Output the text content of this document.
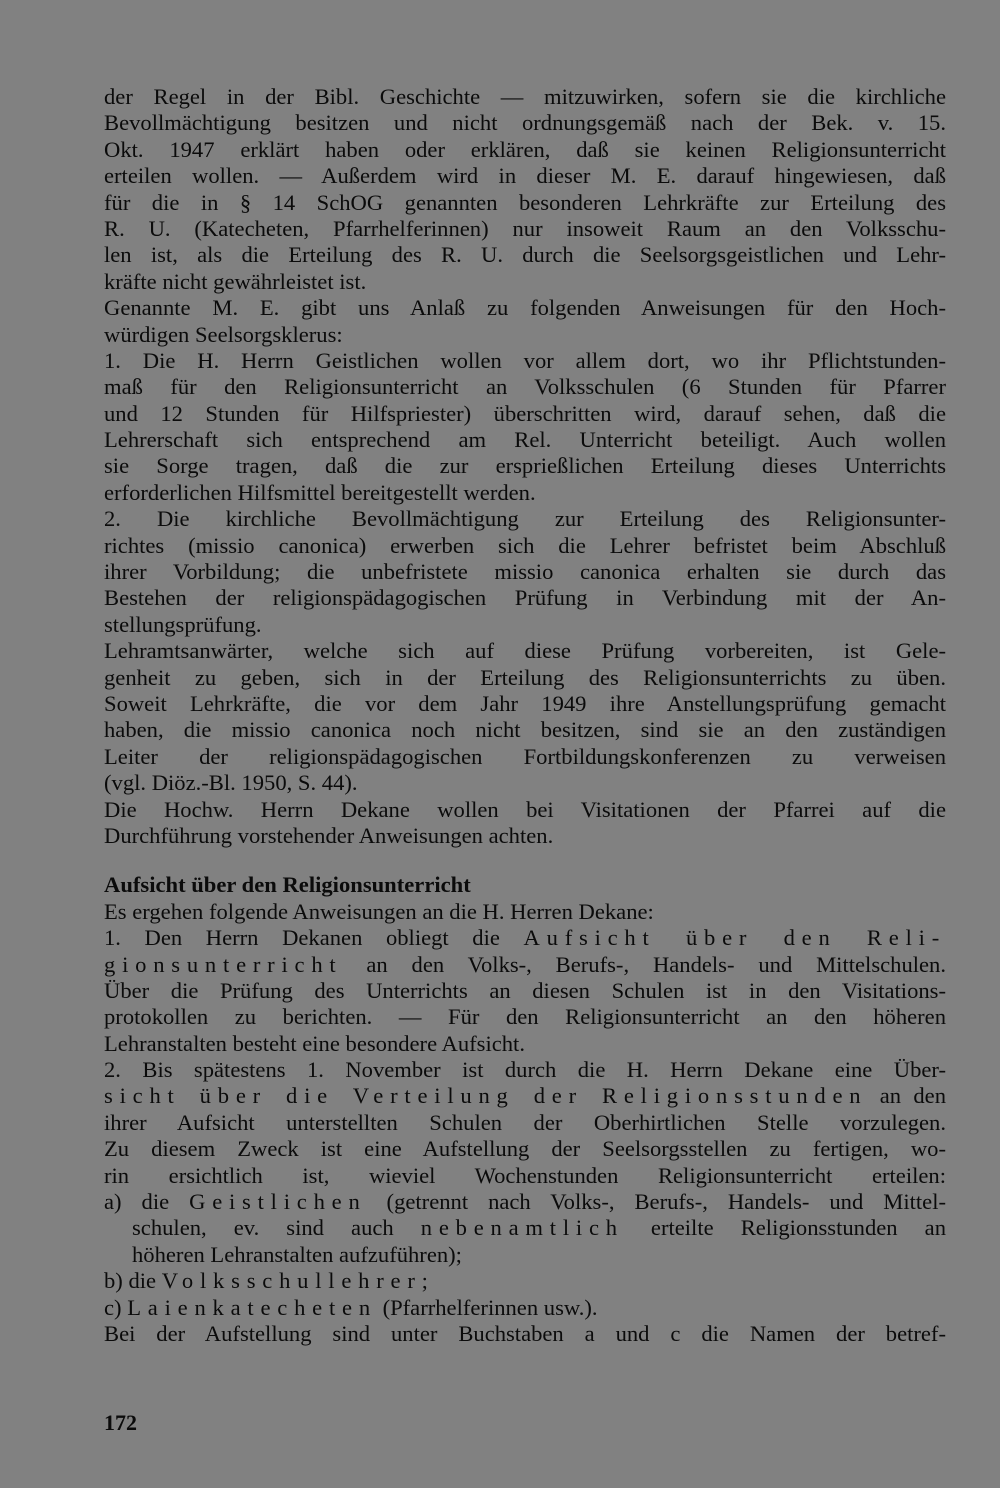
der Regel in der Bibl. Geschichte — mitzuwirken, sofern sie die kirchliche
Bevollmächtigung besitzen und nicht ordnungsgemäß nach der Bek. v. 15.
Okt. 1947 erklärt haben oder erklären, daß sie keinen Religionsunterricht
erteilen wollen. — Außerdem wird in dieser M. E. darauf hingewiesen, daß
für die in § 14 SchOG genannten besonderen Lehrkräfte zur Erteilung des
R. U. (Katecheten, Pfarrhelferinnen) nur insoweit Raum an den Volksschu-
len ist, als die Erteilung des R. U. durch die Seelsorgsgeistlichen und Lehr-
kräfte nicht gewährleistet ist.
Genannte M. E. gibt uns Anlaß zu folgenden Anweisungen für den Hoch-
würdigen Seelsorgsklerus:
1. Die H. Herrn Geistlichen wollen vor allem dort, wo ihr Pflichtstunden-
maß für den Religionsunterricht an Volksschulen (6 Stunden für Pfarrer
und 12 Stunden für Hilfspriester) überschritten wird, darauf sehen, daß die
Lehrerschaft sich entsprechend am Rel. Unterricht beteiligt. Auch wollen
sie Sorge tragen, daß die zur ersprießlichen Erteilung dieses Unterrichts
erforderlichen Hilfsmittel bereitgestellt werden.
2. Die kirchliche Bevollmächtigung zur Erteilung des Religionsunter-
richtes (missio canonica) erwerben sich die Lehrer befristet beim Abschluß
ihrer Vorbildung; die unbefristete missio canonica erhalten sie durch das
Bestehen der religionspädagogischen Prüfung in Verbindung mit der An-
stellungsprüfung.
Lehramtsanwärter, welche sich auf diese Prüfung vorbereiten, ist Gele-
genheit zu geben, sich in der Erteilung des Religionsunterrichts zu üben.
Soweit Lehrkräfte, die vor dem Jahr 1949 ihre Anstellungsprüfung gemacht
haben, die missio canonica noch nicht besitzen, sind sie an den zuständigen
Leiter der religionspädagogischen Fortbildungskonferenzen zu verweisen
(vgl. Diöz.-Bl. 1950, S. 44).
Die Hochw. Herrn Dekane wollen bei Visitationen der Pfarrei auf die
Durchführung vorstehender Anweisungen achten.
Aufsicht über den Religionsunterricht
Es ergehen folgende Anweisungen an die H. Herren Dekane:
1. Den Herrn Dekanen obliegt die Aufsicht über den Reli-
gionsunterricht an den Volks-, Berufs-, Handels- und Mittelschulen.
Über die Prüfung des Unterrichts an diesen Schulen ist in den Visitations-
protokollen zu berichten. — Für den Religionsunterricht an den höheren
Lehranstalten besteht eine besondere Aufsicht.
2. Bis spätestens 1. November ist durch die H. Herrn Dekane eine Über-
sicht über die Verteilung der Religionsstunden an den
ihrer Aufsicht unterstellten Schulen der Oberhirtlichen Stelle vorzulegen.
Zu diesem Zweck ist eine Aufstellung der Seelsorgsstellen zu fertigen, wo-
rin ersichtlich ist, wieviel Wochenstunden Religionsunterricht erteilen:
a) die Geistlichen (getrennt nach Volks-, Berufs-, Handels- und Mittel-
schulen, ev. sind auch nebenamtlich erteilte Religionsstunden an
höheren Lehranstalten aufzuführen);
b) die Volksschullehrer;
c) Laienkatecheten (Pfarrhelferinnen usw.).
Bei der Aufstellung sind unter Buchstaben a und c die Namen der betref-
172
